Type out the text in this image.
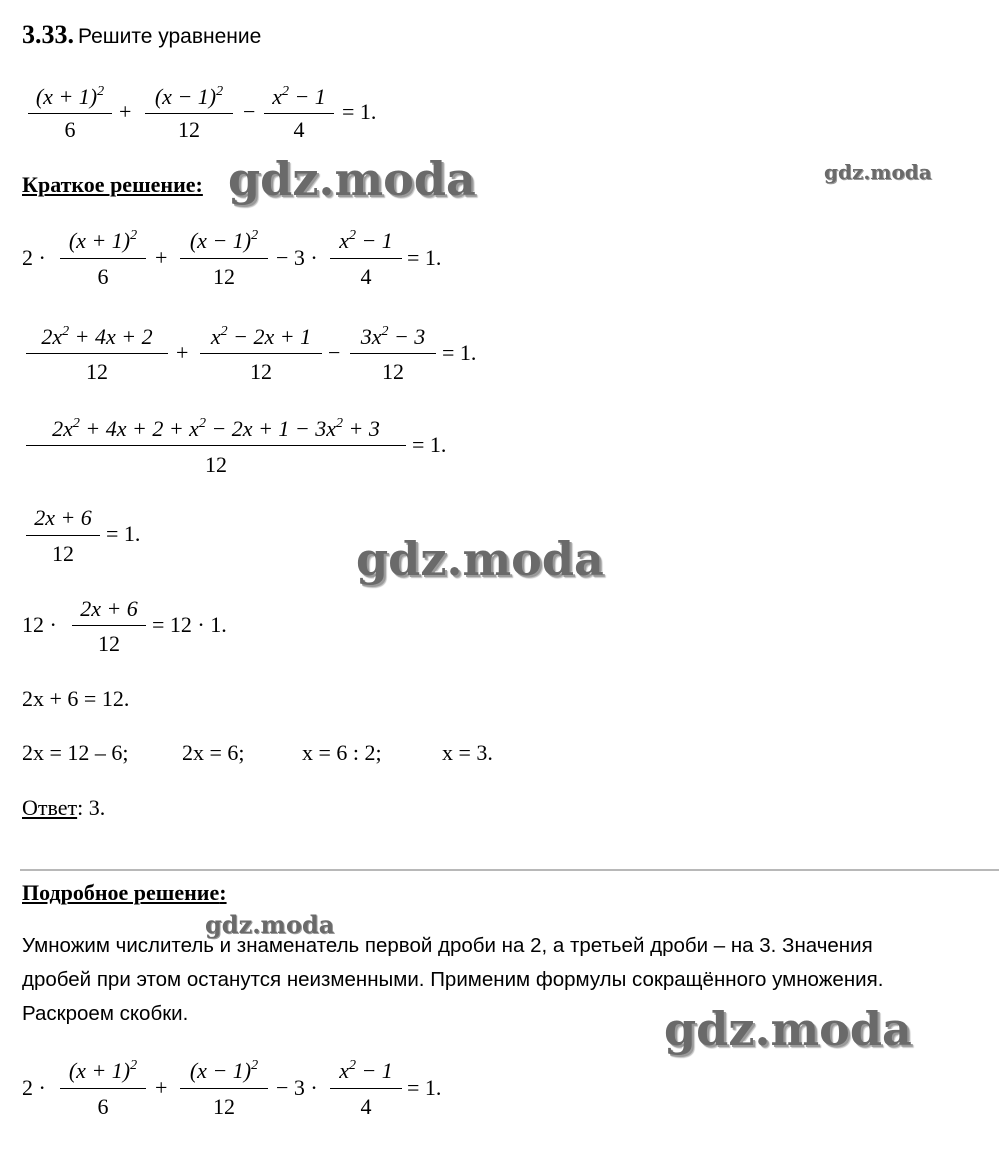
3.33. Решите уравнение
$(x + 1)^2$
6
+
$(x - 1)^2$
12
−
$x^2 - 1$
4
= 1.
Краткое решение:
2 ·
$(x + 1)^2$
6
+
$(x - 1)^2$
12
− 3 ·
$x^2 - 1$
4
= 1.
$2x^2 + 4x + 2$
12
+
$x^2 - 2x + 1$
12
−
$3x^2 - 3$
12
= 1.
$2x^2 + 4x + 2 + x^2 - 2x + 1 - 3x^2 + 3$
12
= 1.
2x + 6
12
= 1.
12 ·
2x + 6
12
= 12 · 1.
2x + 6 = 12.
2x = 12 – 6; 2x = 6;	x = 6 : 2;	x = 3.
Ответ: 3.
Подробное решение:
Умножим числитель и знаменатель первой дроби на 2, а третьей дроби – на 3. Значения
дробей при этом останутся неизменными. Применим формулы сокращённого умножения.
Раскроем скобки.
2 ·
$(x + 1)^2$
6
+
$(x - 1)^2$
12
− 3 ·
$x^2 - 1$
4
= 1.
gdz.moda	gdz.moda
gdz.moda
gdz.moda
gdz.moda
